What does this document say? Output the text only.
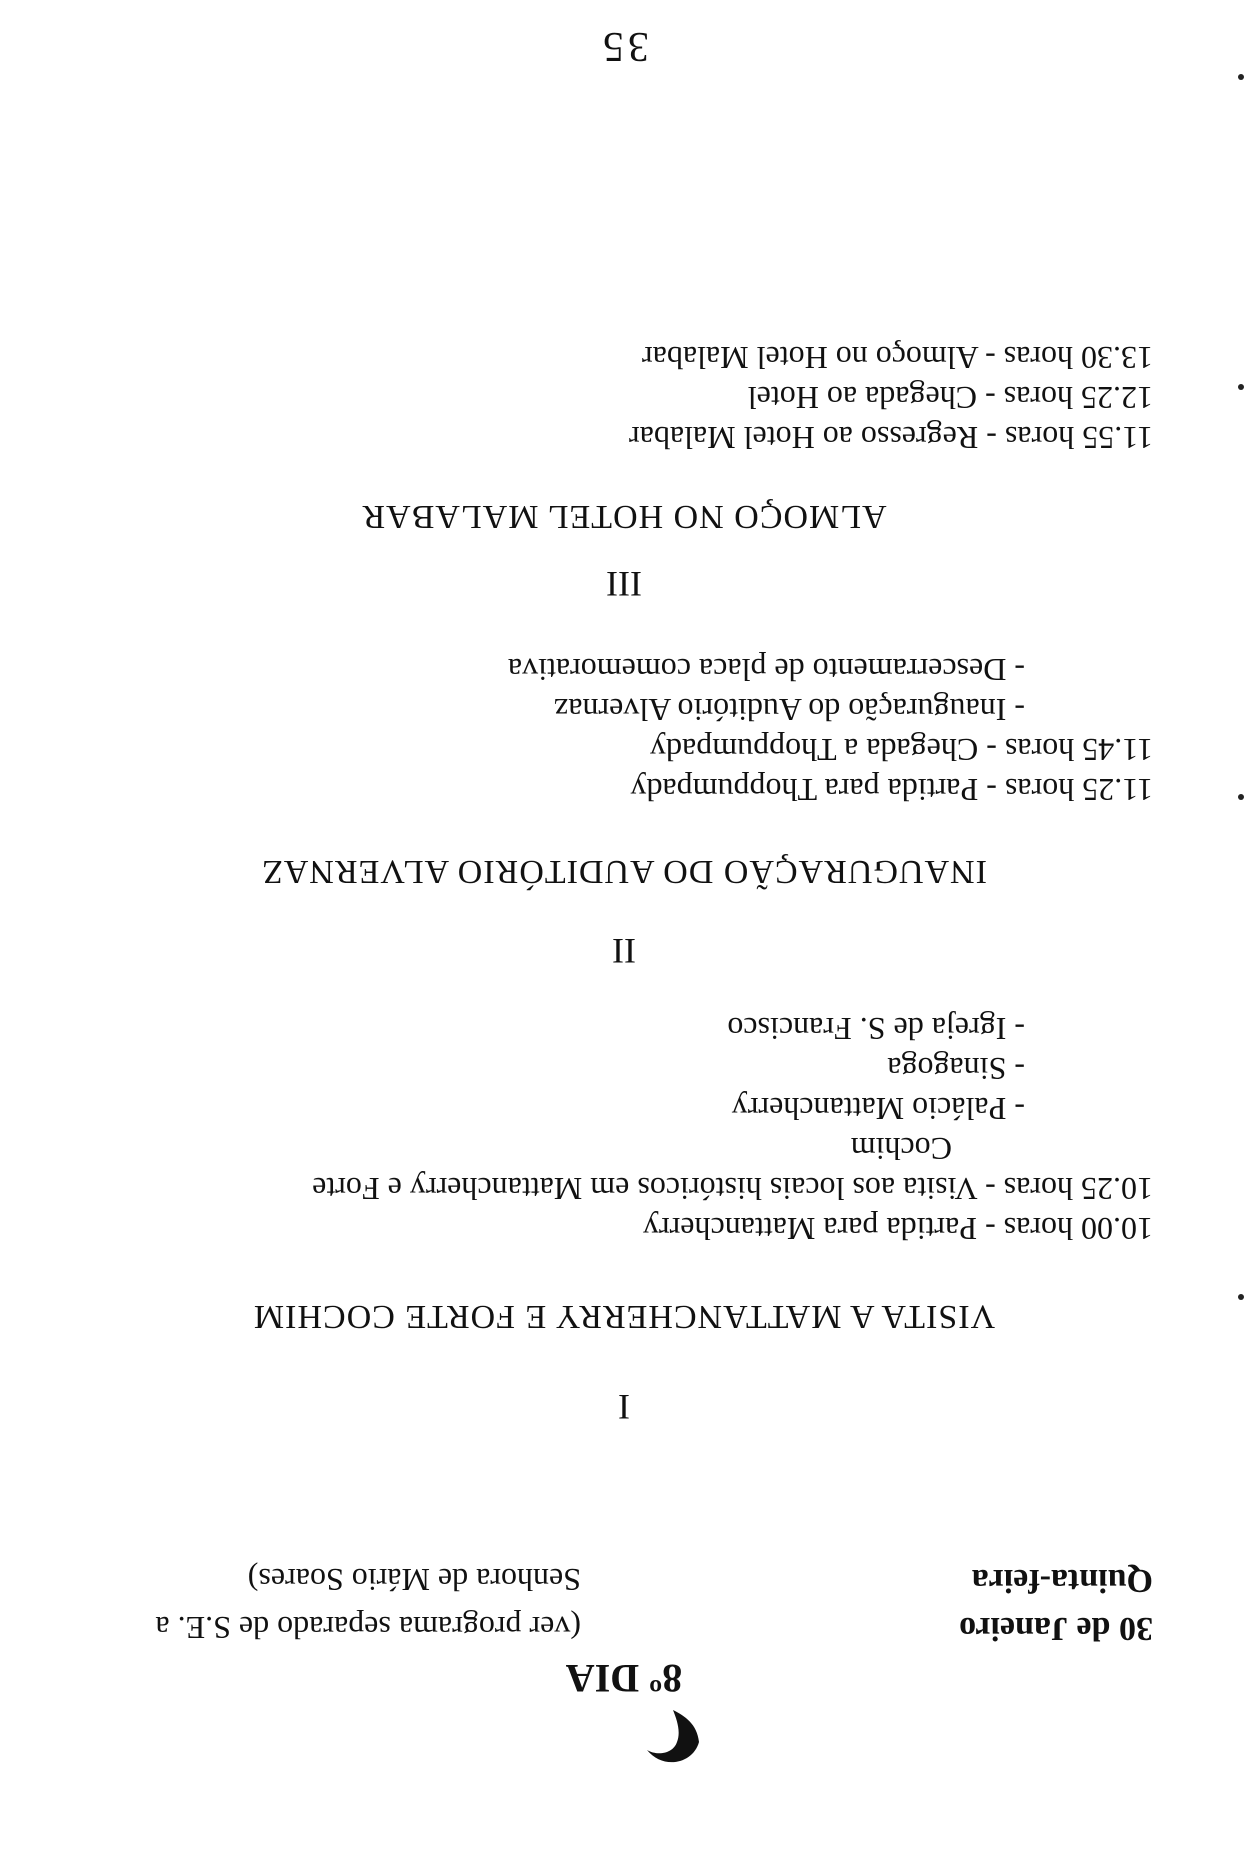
8º DIA
30 de Janeiro
Quinta-feira
(ver programa separado de S.E. a
Senhora de Mário Soares)
I
VISITA A MATTANCHERRY E FORTE COCHIM
10.00 horas - Partida para Mattancherry
10.25 horas - Visita aos locais históricos em Mattancherry e Forte
Cochim
- Palácio Mattancherry
- Sinagoga
- Igreja de S. Francisco
II
INAUGURAÇÃO DO AUDITÓRIO ALVERNAZ
11.25 horas - Partida para Thoppumpady
11.45 horas - Chegada a Thoppumpady
- Inauguração do Auditório Alvernaz
- Descerramento de placa comemorativa
III
ALMOÇO NO HOTEL MALABAR
11.55 horas - Regresso ao Hotel Malabar
12.25 horas - Chegada ao Hotel
13.30 horas - Almoço no Hotel Malabar
35
